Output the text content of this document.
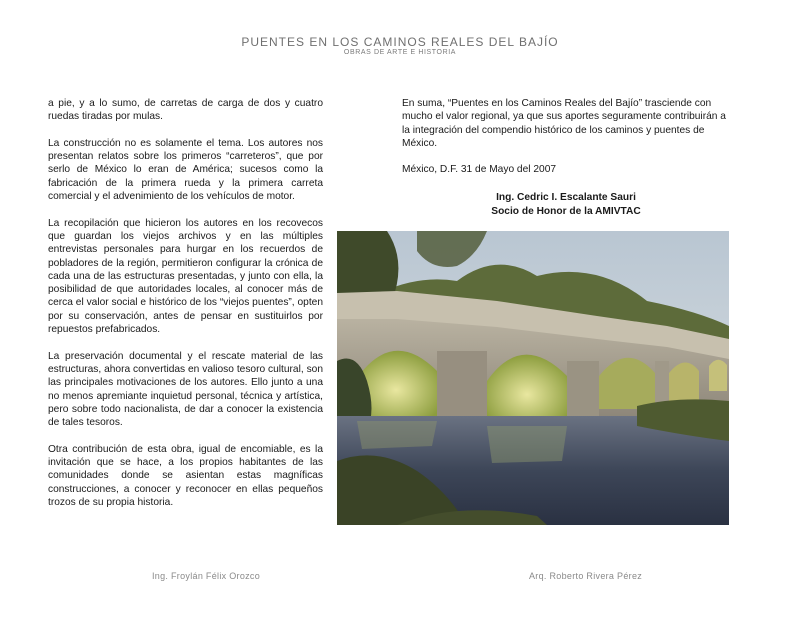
PUENTES EN LOS CAMINOS REALES DEL BAJÍO
OBRAS DE ARTE E HISTORIA

a pie, y a lo sumo, de carretas de carga de dos y cuatro ruedas tiradas por mulas.

La construcción no es solamente el tema. Los autores nos presentan relatos sobre los primeros “carreteros”, que por serlo de México lo eran de América; sucesos como la fabricación de la primera rueda y la primera carreta comercial y el advenimiento de los vehículos de motor.

La recopilación que hicieron los autores en los recovecos que guardan los viejos archivos y en las múltiples entrevistas personales para hurgar en los recuerdos de pobladores de la región, permitieron configurar la crónica de cada una de las estructuras presentadas, y junto con ella, la posibilidad de que autoridades locales, al conocer más de cerca el valor social e histórico de los “viejos puentes”, opten por su conservación, antes de pensar en sustituirlos por repuestos prefabricados.

La preservación documental y el rescate material de las estructuras, ahora convertidas en valioso tesoro cultural, son las principales motivaciones de los autores. Ello junto a una no menos apremiante inquietud personal, técnica y artística, pero sobre todo nacionalista, de dar a conocer la existencia de tales tesoros.

Otra contribución de esta obra, igual de encomiable, es la invitación que se hace, a los propios habitantes de las comunidades donde se asientan estas magníficas construcciones, a conocer y reconocer en ellas pequeños trozos de su propia historia.

En suma, “Puentes en los Caminos Reales del Bajío” trasciende con mucho el valor regional, ya que sus aportes seguramente contribuirán a la integración del compendio histórico de los caminos y puentes de México.

México, D.F. 31 de Mayo del 2007

Ing. Cedric I. Escalante Sauri
Socio de Honor de la AMIVTAC
Ing. Froylán Félix Orozco	Arq. Roberto Rivera Pérez
